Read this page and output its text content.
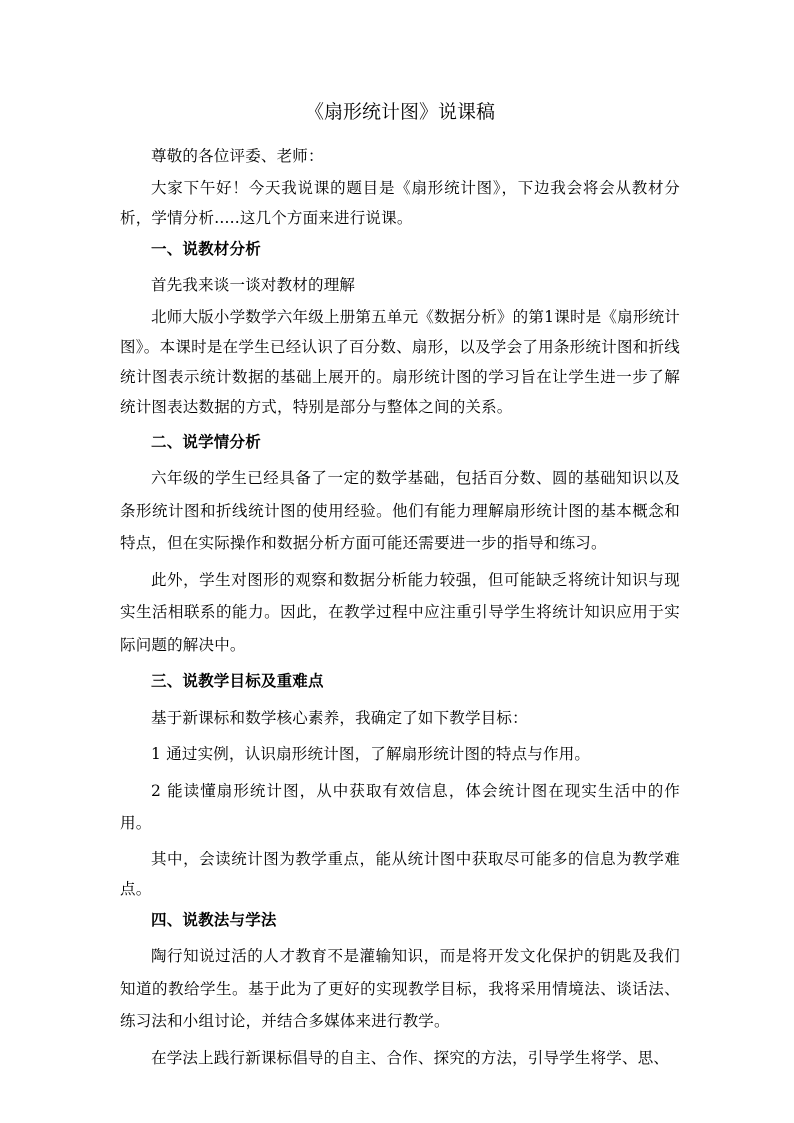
《扇形统计图》说课稿

尊敬的各位评委、老师：

大家下午好！今天我说课的题目是《扇形统计图》，下边我会将会从教材分析，学情分析.....这几个方面来进行说课。

一、说教材分析

首先我来谈一谈对教材的理解

北师大版小学数学六年级上册第五单元《数据分析》的第1课时是《扇形统计图》。本课时是在学生已经认识了百分数、扇形，以及学会了用条形统计图和折线统计图表示统计数据的基础上展开的。扇形统计图的学习旨在让学生进一步了解统计图表达数据的方式，特别是部分与整体之间的关系。

二、说学情分析

六年级的学生已经具备了一定的数学基础，包括百分数、圆的基础知识以及条形统计图和折线统计图的使用经验。他们有能力理解扇形统计图的基本概念和特点，但在实际操作和数据分析方面可能还需要进一步的指导和练习。

此外，学生对图形的观察和数据分析能力较强，但可能缺乏将统计知识与现实生活相联系的能力。因此，在教学过程中应注重引导学生将统计知识应用于实际问题的解决中。

三、说教学目标及重难点

基于新课标和数学核心素养，我确定了如下教学目标：

1 通过实例，认识扇形统计图，了解扇形统计图的特点与作用。

2 能读懂扇形统计图，从中获取有效信息，体会统计图在现实生活中的作用。

其中，会读统计图为教学重点，能从统计图中获取尽可能多的信息为教学难点。

四、说教法与学法

陶行知说过活的人才教育不是灌输知识，而是将开发文化保护的钥匙及我们知道的教给学生。基于此为了更好的实现教学目标，我将采用情境法、谈话法、练习法和小组讨论，并结合多媒体来进行教学。

在学法上践行新课标倡导的自主、合作、探究的方法，引导学生将学、思、
